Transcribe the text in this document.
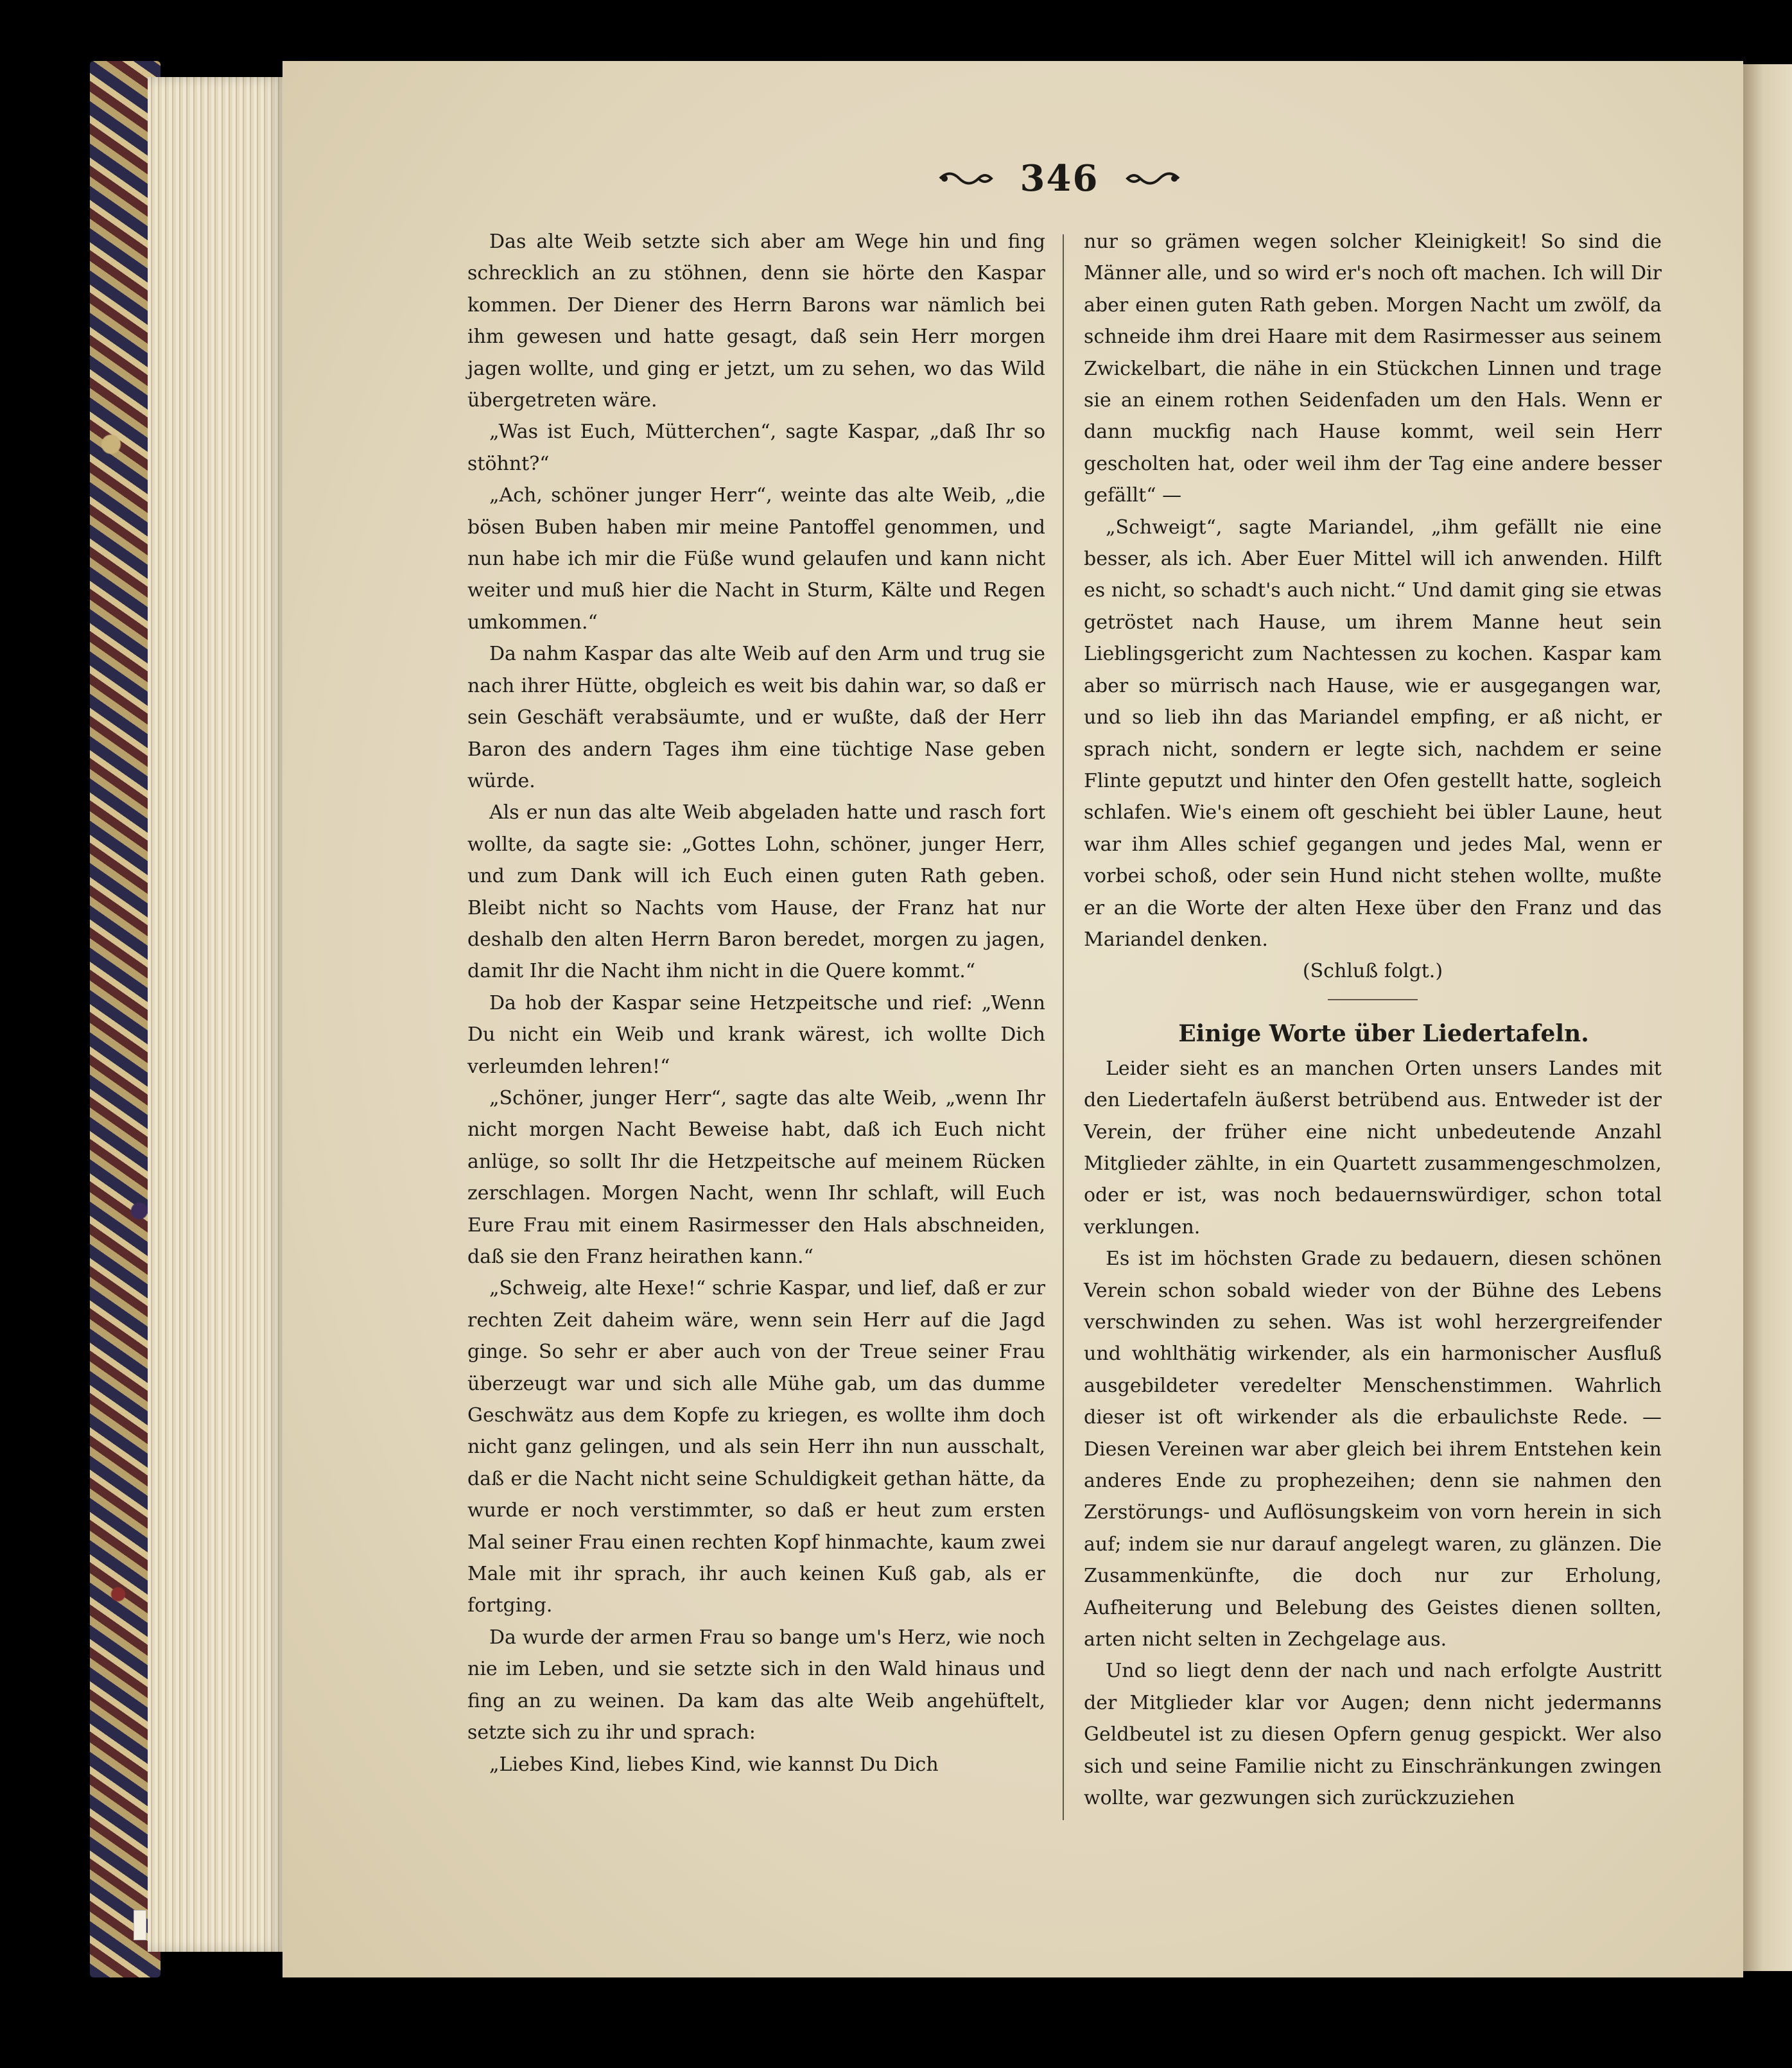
346

Das alte Weib setzte sich aber am Wege hin und fing schrecklich an zu stöhnen, denn sie hörte den Kaspar kommen. Der Diener des Herrn Barons war nämlich bei ihm gewesen und hatte gesagt, daß sein Herr morgen jagen wollte, und ging er jetzt, um zu sehen, wo das Wild übergetreten wäre.

„Was ist Euch, Mütterchen“, sagte Kaspar, „daß Ihr so stöhnt?“

„Ach, schöner junger Herr“, weinte das alte Weib, „die bösen Buben haben mir meine Pantoffel genommen, und nun habe ich mir die Füße wund gelaufen und kann nicht weiter und muß hier die Nacht in Sturm, Kälte und Regen umkommen.“

Da nahm Kaspar das alte Weib auf den Arm und trug sie nach ihrer Hütte, obgleich es weit bis dahin war, so daß er sein Geschäft verabsäumte, und er wußte, daß der Herr Baron des andern Tages ihm eine tüchtige Nase geben würde.

Als er nun das alte Weib abgeladen hatte und rasch fort wollte, da sagte sie: „Gottes Lohn, schöner, junger Herr, und zum Dank will ich Euch einen guten Rath geben. Bleibt nicht so Nachts vom Hause, der Franz hat nur deshalb den alten Herrn Baron beredet, morgen zu jagen, damit Ihr die Nacht ihm nicht in die Quere kommt.“

Da hob der Kaspar seine Hetzpeitsche und rief: „Wenn Du nicht ein Weib und krank wärest, ich wollte Dich verleumden lehren!“

„Schöner, junger Herr“, sagte das alte Weib, „wenn Ihr nicht morgen Nacht Beweise habt, daß ich Euch nicht anlüge, so sollt Ihr die Hetzpeitsche auf meinem Rücken zerschlagen. Morgen Nacht, wenn Ihr schlaft, will Euch Eure Frau mit einem Rasirmesser den Hals abschneiden, daß sie den Franz heirathen kann.“

„Schweig, alte Hexe!“ schrie Kaspar, und lief, daß er zur rechten Zeit daheim wäre, wenn sein Herr auf die Jagd ginge. So sehr er aber auch von der Treue seiner Frau überzeugt war und sich alle Mühe gab, um das dumme Geschwätz aus dem Kopfe zu kriegen, es wollte ihm doch nicht ganz gelingen, und als sein Herr ihn nun ausschalt, daß er die Nacht nicht seine Schuldigkeit gethan hätte, da wurde er noch verstimmter, so daß er heut zum ersten Mal seiner Frau einen rechten Kopf hinmachte, kaum zwei Male mit ihr sprach, ihr auch keinen Kuß gab, als er fortging.

Da wurde der armen Frau so bange um's Herz, wie noch nie im Leben, und sie setzte sich in den Wald hinaus und fing an zu weinen. Da kam das alte Weib angehüftelt, setzte sich zu ihr und sprach:

„Liebes Kind, liebes Kind, wie kannst Du Dich

nur so grämen wegen solcher Kleinigkeit! So sind die Männer alle, und so wird er's noch oft machen. Ich will Dir aber einen guten Rath geben. Morgen Nacht um zwölf, da schneide ihm drei Haare mit dem Rasirmesser aus seinem Zwickelbart, die nähe in ein Stückchen Linnen und trage sie an einem rothen Seidenfaden um den Hals. Wenn er dann muckfig nach Hause kommt, weil sein Herr gescholten hat, oder weil ihm der Tag eine andere besser gefällt“ —

„Schweigt“, sagte Mariandel, „ihm gefällt nie eine besser, als ich. Aber Euer Mittel will ich anwenden. Hilft es nicht, so schadt's auch nicht.“ Und damit ging sie etwas getröstet nach Hause, um ihrem Manne heut sein Lieblingsgericht zum Nachtessen zu kochen. Kaspar kam aber so mürrisch nach Hause, wie er ausgegangen war, und so lieb ihn das Mariandel empfing, er aß nicht, er sprach nicht, sondern er legte sich, nachdem er seine Flinte geputzt und hinter den Ofen gestellt hatte, sogleich schlafen. Wie's einem oft geschieht bei übler Laune, heut war ihm Alles schief gegangen und jedes Mal, wenn er vorbei schoß, oder sein Hund nicht stehen wollte, mußte er an die Worte der alten Hexe über den Franz und das Mariandel denken.

(Schluß folgt.)

Einige Worte über Liedertafeln.

Leider sieht es an manchen Orten unsers Landes mit den Liedertafeln äußerst betrübend aus. Entweder ist der Verein, der früher eine nicht unbedeutende Anzahl Mitglieder zählte, in ein Quartett zusammengeschmolzen, oder er ist, was noch bedauernswürdiger, schon total verklungen.

Es ist im höchsten Grade zu bedauern, diesen schönen Verein schon sobald wieder von der Bühne des Lebens verschwinden zu sehen. Was ist wohl herzergreifender und wohlthätig wirkender, als ein harmonischer Ausfluß ausgebildeter veredelter Menschenstimmen. Wahrlich dieser ist oft wirkender als die erbaulichste Rede. — Diesen Vereinen war aber gleich bei ihrem Entstehen kein anderes Ende zu prophezeihen; denn sie nahmen den Zerstörungs- und Auflösungskeim von vorn herein in sich auf; indem sie nur darauf angelegt waren, zu glänzen. Die Zusammenkünfte, die doch nur zur Erholung, Aufheiterung und Belebung des Geistes dienen sollten, arten nicht selten in Zechgelage aus.

Und so liegt denn der nach und nach erfolgte Austritt der Mitglieder klar vor Augen; denn nicht jedermanns Geldbeutel ist zu diesen Opfern genug gespickt. Wer also sich und seine Familie nicht zu Einschränkungen zwingen wollte, war gezwungen sich zurückzuziehen
